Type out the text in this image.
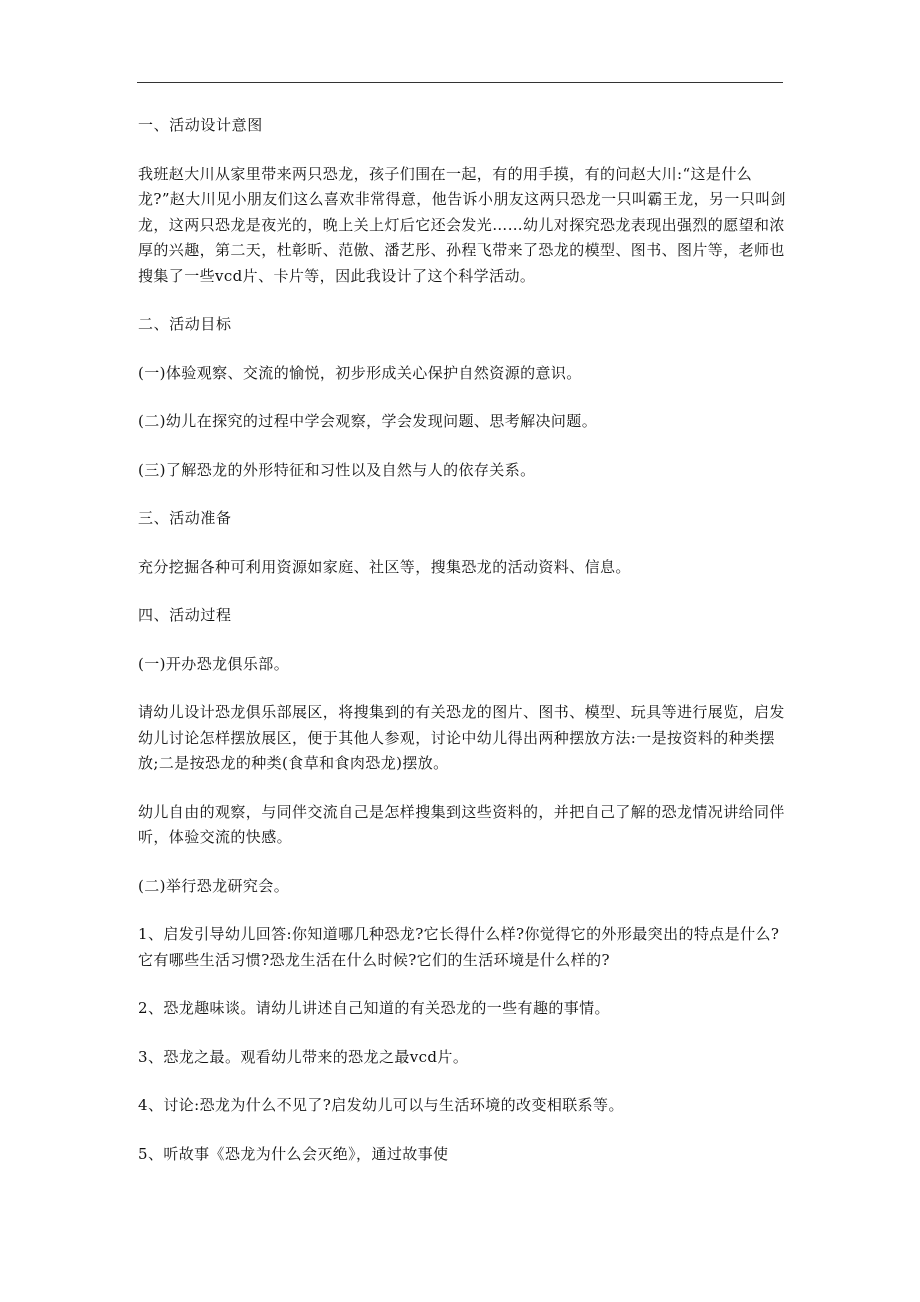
一、活动设计意图

我班赵大川从家里带来两只恐龙，孩子们围在一起，有的用手摸，有的问赵大川:“这是什么龙?”赵大川见小朋友们这么喜欢非常得意，他告诉小朋友这两只恐龙一只叫霸王龙，另一只叫剑龙，这两只恐龙是夜光的，晚上关上灯后它还会发光……幼儿对探究恐龙表现出强烈的愿望和浓厚的兴趣，第二天，杜彰昕、范傲、潘艺彤、孙程飞带来了恐龙的模型、图书、图片等，老师也搜集了一些vcd片、卡片等，因此我设计了这个科学活动。

二、活动目标

(一)体验观察、交流的愉悦，初步形成关心保护自然资源的意识。

(二)幼儿在探究的过程中学会观察，学会发现问题、思考解决问题。

(三)了解恐龙的外形特征和习性以及自然与人的依存关系。

三、活动准备

充分挖掘各种可利用资源如家庭、社区等，搜集恐龙的活动资料、信息。

四、活动过程

(一)开办恐龙俱乐部。

请幼儿设计恐龙俱乐部展区，将搜集到的有关恐龙的图片、图书、模型、玩具等进行展览，启发幼儿讨论怎样摆放展区，便于其他人参观，讨论中幼儿得出两种摆放方法:一是按资料的种类摆放;二是按恐龙的种类(食草和食肉恐龙)摆放。

幼儿自由的观察，与同伴交流自己是怎样搜集到这些资料的，并把自己了解的恐龙情况讲给同伴听，体验交流的快感。

(二)举行恐龙研究会。

1、启发引导幼儿回答:你知道哪几种恐龙?它长得什么样?你觉得它的外形最突出的特点是什么?它有哪些生活习惯?恐龙生活在什么时候?它们的生活环境是什么样的?

2、恐龙趣味谈。请幼儿讲述自己知道的有关恐龙的一些有趣的事情。

3、恐龙之最。观看幼儿带来的恐龙之最vcd片。

4、讨论:恐龙为什么不见了?启发幼儿可以与生活环境的改变相联系等。

5、听故事《恐龙为什么会灭绝》，通过故事使
